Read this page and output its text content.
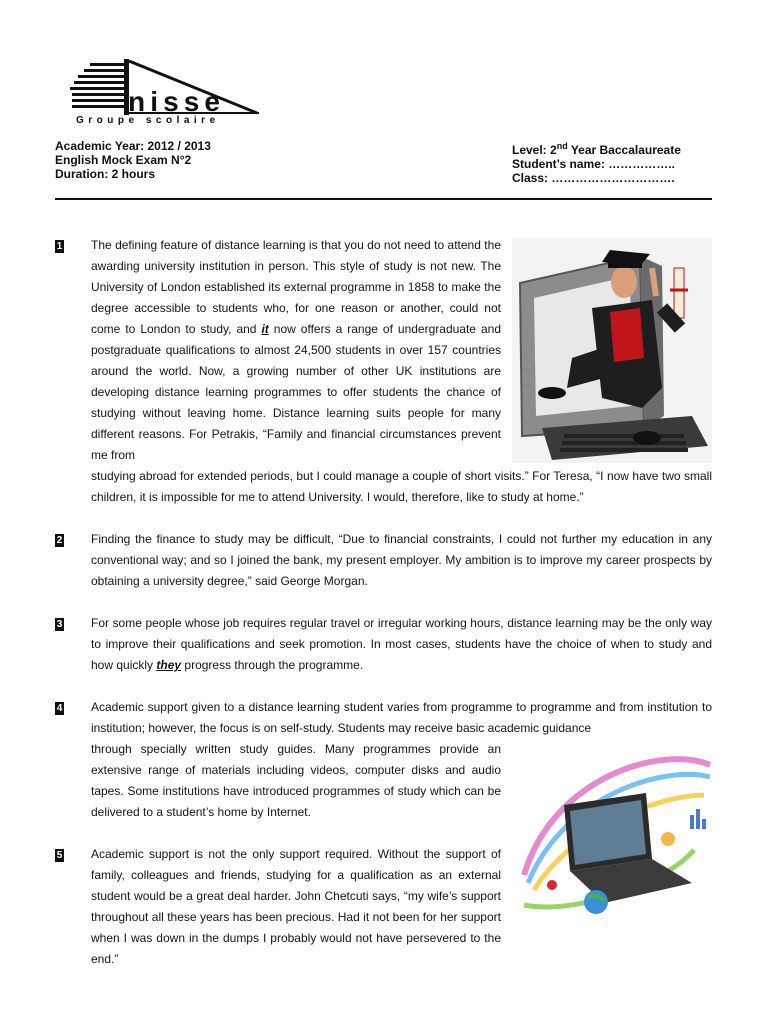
nisse
Groupe scolaire
Academic Year: 2012 / 2013
English Mock Exam N°2
Duration: 2 hours
Level: 2nd Year Baccalaureate
Student’s name: ……………..
Class: ………………………….
1 The defining feature of distance learning is that you do not need to attend the awarding university institution in person. This style of study is not new. The University of London established its external programme in 1858 to make the degree accessible to students who, for one reason or another, could not come to London to study, and it now offers a range of undergraduate and postgraduate qualifications to almost 24,500 students in over 157 countries around the world. Now, a growing number of other UK institutions are developing distance learning programmes to offer students the chance of studying without leaving home. Distance learning suits people for many different reasons. For Petrakis, “Family and financial circumstances prevent me from

studying abroad for extended periods, but I could manage a couple of short visits.” For Teresa, “I now have two small children, it is impossible for me to attend University. I would, therefore, like to study at home.”

2 Finding the finance to study may be difficult, “Due to financial constraints, I could not further my education in any conventional way; and so I joined the bank, my present employer. My ambition is to improve my career prospects by obtaining a university degree,” said George Morgan.

3 For some people whose job requires regular travel or irregular working hours, distance learning may be the only way to improve their qualifications and seek promotion. In most cases, students have the choice of when to study and how quickly they progress through the programme.

4 Academic support given to a distance learning student varies from programme to programme and from institution to institution; however, the focus is on self-study. Students may receive basic academic guidance

through specially written study guides. Many programmes provide an extensive range of materials including videos, computer disks and audio tapes. Some institutions have introduced programmes of study which can be delivered to a student’s home by Internet.

5 Academic support is not the only support required. Without the support of family, colleagues and friends, studying for a qualification as an external student would be a great deal harder. John Chetcuti says, “my wife’s support throughout all these years has been precious. Had it not been for her support when I was down in the dumps I probably would not have persevered to the end.”
